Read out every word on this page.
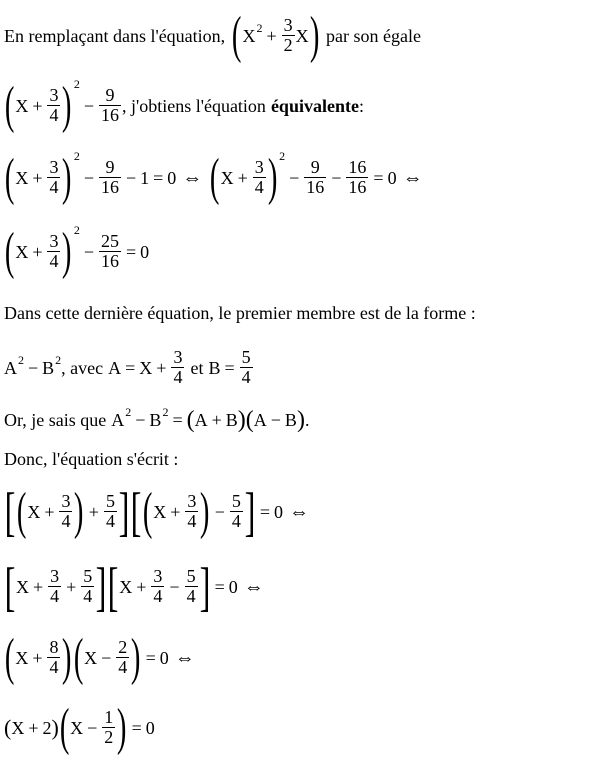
En remplaçant dans l'équation, ( X $2 + \frac{3}{2}$ X ) par son égale
( $X + \frac{3}{4}$ ) 2
− $\frac{9}{16}$ , j'obtiens l'équation équivalente :
( $X + \frac{3}{4}$ ) 2
− $\frac{9}{16} - 1 = 0$ ⇔ ( $X + \frac{3}{4}$ ) 2
− $\frac{9}{16} - \frac{16}{16} = 0$ ⇔
( $X + \frac{3}{4}$ ) 2
− $\frac{25}{16} = 0$
Dans cette dernière équation, le premier membre est de la forme :
A 2 − B 2 , avec $A = X + \frac{3}{4}$ et $B = \frac{5}{4}$
Or, je sais que A 2 − B 2 = ( A + B ) ( A − B ) .
Donc, l'équation s'écrit :
[ ( $X + \frac{3}{4}$ ) + $\frac{5}{4}$ ] [ ( $X + \frac{3}{4}$ ) − $\frac{5}{4}$ ] = 0 ⇔
[ $X + \frac{3}{4} + \frac{5}{4}$ ] [ $X + \frac{3}{4} - \frac{5}{4}$ ] = 0 ⇔
( $X + \frac{8}{4}$ ) ( $X - \frac{2}{4}$ ) = 0 ⇔
( X + 2 ) ( $X - \frac{1}{2}$ ) = 0
